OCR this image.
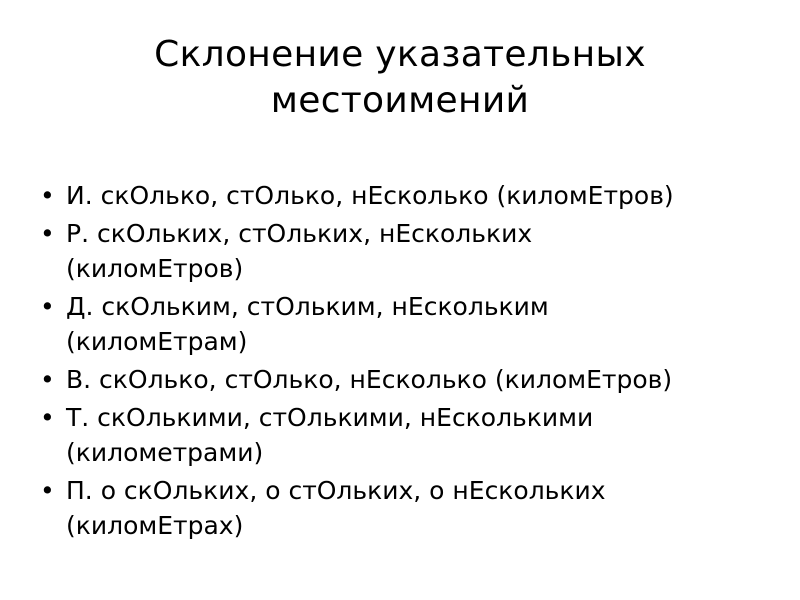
Склонение указательных
местоимений
• И. скОлько, стОлько, нЕсколько (киломЕтров)
• Р. скОльких, стОльких, нЕскольких
(киломЕтров)
• Д. скОльким, стОльким, нЕскольким
(киломЕтрам)
• В. скОлько, стОлько, нЕсколько (киломЕтров)
• Т. скОлькими, стОлькими, нЕсколькими
(километрами)
• П. о скОльких, о стОльких, о нЕскольких
(киломЕтрах)
